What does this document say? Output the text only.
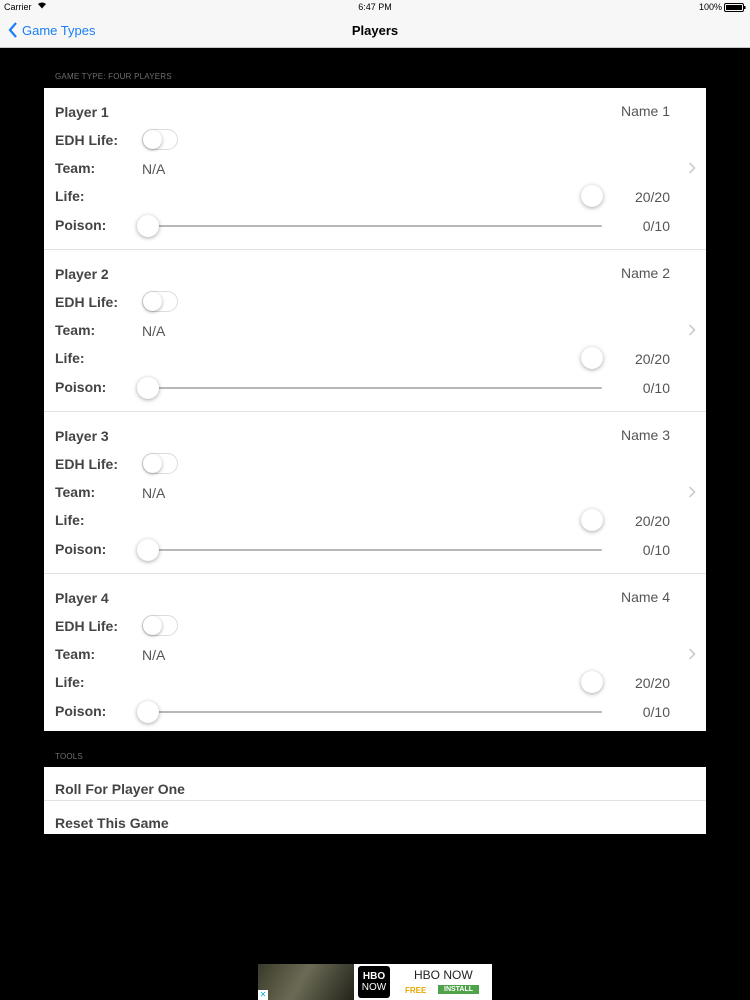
Carrier	6:47 PM	100%
Game Types	Players
GAME TYPE: FOUR PLAYERS
Player 1	Name 1
EDH Life:
Team:	N/A
Life:	20/20
Poison:	0/10
Player 2	Name 2
EDH Life:
Team:	N/A
Life:	20/20
Poison:	0/10
Player 3	Name 3
EDH Life:
Team:	N/A
Life:	20/20
Poison:	0/10
Player 4	Name 4
EDH Life:
Team:	N/A
Life:	20/20
Poison:	0/10
TOOLS
Roll For Player One
Reset This Game
HBO
NOW
HBO NOW
FREE	INSTALL
✕
